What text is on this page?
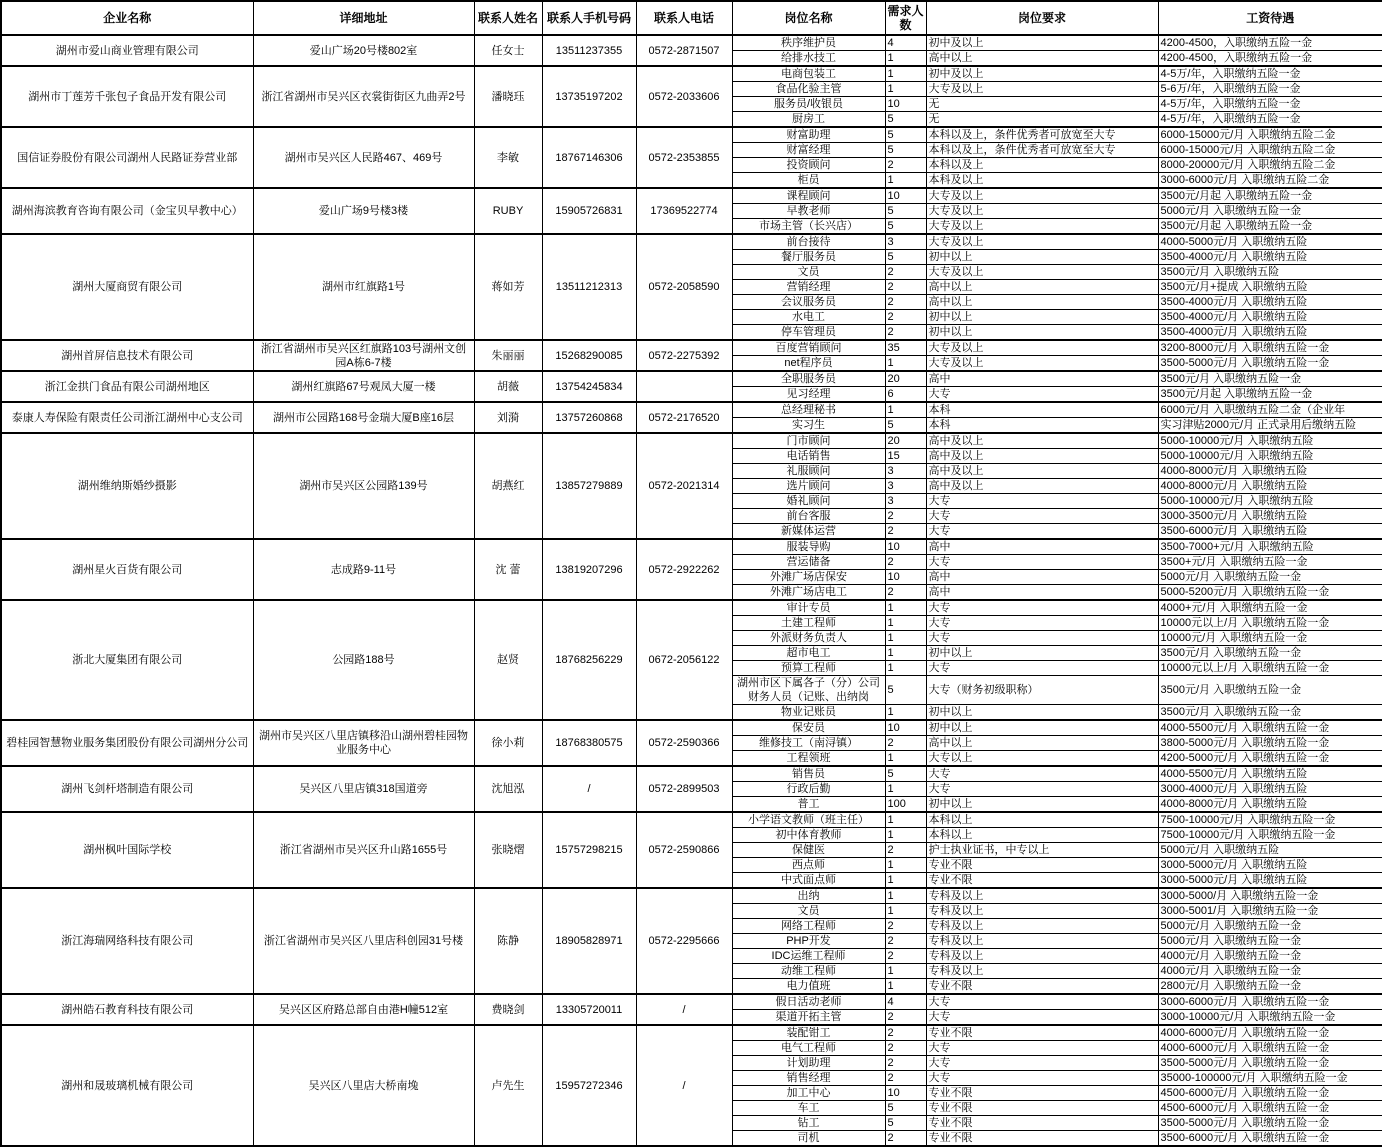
企业名称	详细地址	联系人姓名	联系人手机号码	联系人电话	岗位名称	需求人数	岗位要求	工资待遇
湖州市爱山商业管理有限公司	爱山广场20号楼802室	任女士	13511237355	0572-2871507	秩序维护员	4	初中及以上	4200-4500，入职缴纳五险一金
					给排水技工	1	高中以上	4200-4500，入职缴纳五险一金
湖州市丁莲芳千张包子食品开发有限公司	浙江省湖州市吴兴区衣裳街街区九曲弄2号	潘晓珏	13735197202	0572-2033606	电商包装工	1	初中及以上	4-5万/年，入职缴纳五险一金
					食品化验主管	1	大专及以上	5-6万/年，入职缴纳五险一金
					服务员/收银员	10	无	4-5万/年，入职缴纳五险一金
					厨房工	5	无	4-5万/年，入职缴纳五险一金
国信证券股份有限公司湖州人民路证券营业部	湖州市吴兴区人民路467、469号	李敏	18767146306	0572-2353855	财富助理	5	本科以及上，条件优秀者可放宽至大专	6000-15000元/月 入职缴纳五险二金
					财富经理	5	本科以及上，条件优秀者可放宽至大专	6000-15000元/月 入职缴纳五险二金
					投资顾问	2	本科以及上	8000-20000元/月 入职缴纳五险二金
					柜员	1	本科及以上	3000-6000元/月 入职缴纳五险二金
湖州海滨教育咨询有限公司（金宝贝早教中心）	爱山广场9号楼3楼	RUBY	15905726831	17369522774	课程顾问	10	大专及以上	3500元/月起 入职缴纳五险一金
					早教老师	5	大专及以上	5000元/月 入职缴纳五险一金
					市场主管（长兴店）	5	大专及以上	3500元/月起 入职缴纳五险一金
湖州大厦商贸有限公司	湖州市红旗路1号	蒋如芳	13511212313	0572-2058590	前台接待	3	大专及以上	4000-5000元/月 入职缴纳五险
					餐厅服务员	5	初中以上	3500-4000元/月 入职缴纳五险
					文员	2	大专及以上	3500元/月 入职缴纳五险
					营销经理	2	高中以上	3500元/月+提成 入职缴纳五险
					会议服务员	2	高中以上	3500-4000元/月 入职缴纳五险
					水电工	2	初中以上	3500-4000元/月 入职缴纳五险
					停车管理员	2	初中以上	3500-4000元/月 入职缴纳五险
湖州首屏信息技术有限公司	浙江省湖州市吴兴区红旗路103号湖州文创园A栋6-7楼	朱丽丽	15268290085	0572-2275392	百度营销顾问	35	大专及以上	3200-8000元/月 入职缴纳五险一金
					net程序员	1	大专及以上	3500-5000元/月 入职缴纳五险一金
浙江金拱门食品有限公司湖州地区	湖州红旗路67号观凤大厦一楼	胡薇	13754245834		全职服务员	20	高中	3500元/月 入职缴纳五险一金
					见习经理	6	大专	3500元/月起 入职缴纳五险一金
泰康人寿保险有限责任公司浙江湖州中心支公司	湖州市公园路168号金瑞大厦B座16层	刘漪	13757260868	0572-2176520	总经理秘书	1	本科	6000元/月 入职缴纳五险二金（企业年
					实习生	5	本科	实习津贴2000元/月 正式录用后缴纳五险
湖州维纳斯婚纱摄影	湖州市吴兴区公园路139号	胡燕红	13857279889	0572-2021314	门市顾问	20	高中及以上	5000-10000元/月 入职缴纳五险
					电话销售	15	高中及以上	5000-10000元/月 入职缴纳五险
					礼服顾问	3	高中及以上	4000-8000元/月 入职缴纳五险
					选片顾问	3	高中及以上	4000-8000元/月 入职缴纳五险
					婚礼顾问	3	大专	5000-10000元/月 入职缴纳五险
					前台客服	2	大专	3000-3500元/月 入职缴纳五险
					新媒体运营	2	大专	3500-6000元/月 入职缴纳五险
湖州星火百货有限公司	志成路9-11号	沈 蕾	13819207296	0572-2922262	服装导购	10	高中	3500-7000+元/月 入职缴纳五险
					营运储备	2	大专	3500+元/月 入职缴纳五险一金
					外滩广场店保安	10	高中	5000元/月 入职缴纳五险一金
					外滩广场店电工	2	高中	5000-5200元/月 入职缴纳五险一金
浙北大厦集团有限公司	公园路188号	赵贤	18768256229	0672-2056122	审计专员	1	大专	4000+元/月 入职缴纳五险一金
					土建工程师	1	大专	10000元以上/月 入职缴纳五险一金
					外派财务负责人	1	大专	10000元/月 入职缴纳五险一金
					超市电工	1	初中以上	3500元/月 入职缴纳五险一金
					预算工程师	1	大专	10000元以上/月 入职缴纳五险一金
					湖州市区下属各子（分）公司财务人员（记账、出纳岗	5	大专（财务初级职称）	3500元/月 入职缴纳五险一金
					物业记账员	1	初中以上	3500元/月 入职缴纳五险一金
碧桂园智慧物业服务集团股份有限公司湖州分公司	湖州市吴兴区八里店镇移沿山湖州碧桂园物业服务中心	徐小莉	18768380575	0572-2590366	保安员	10	初中以上	4000-5500元/月 入职缴纳五险一金
					维修技工（南浔镇）	2	高中以上	3800-5000元/月 入职缴纳五险一金
					工程领班	1	大专以上	4200-5000元/月 入职缴纳五险一金
湖州飞剑杆塔制造有限公司	吴兴区八里店镇318国道旁	沈旭泓	/	0572-2899503	销售员	5	大专	4000-5500元/月 入职缴纳五险
					行政后勤	1	大专	3000-4000元/月 入职缴纳五险
					普工	100	初中以上	4000-8000元/月 入职缴纳五险
湖州枫叶国际学校	浙江省湖州市吴兴区升山路1655号	张晓熠	15757298215	0572-2590866	小学语文教师（班主任）	1	本科以上	7500-10000元/月 入职缴纳五险一金
					初中体育教师	1	本科以上	7500-10000元/月 入职缴纳五险一金
					保健医	2	护士执业证书，中专以上	5000元/月 入职缴纳五险
					西点师	1	专业不限	3000-5000元/月 入职缴纳五险
					中式面点师	1	专业不限	3000-5000元/月 入职缴纳五险
浙江海瑞网络科技有限公司	浙江省湖州市吴兴区八里店科创园31号楼	陈静	18905828971	0572-2295666	出纳	1	专科及以上	3000-5000/月 入职缴纳五险一金
					文员	1	专科及以上	3000-5001/月 入职缴纳五险一金
					网络工程师	2	专科及以上	5000元/月 入职缴纳五险一金
					PHP开发	2	专科及以上	5000元/月 入职缴纳五险一金
					IDC运维工程师	2	专科及以上	4000元/月 入职缴纳五险一金
					动维工程师	1	专科及以上	4000元/月 入职缴纳五险一金
					电力值班	1	专业不限	2800元/月 入职缴纳五险一金
湖州皓石教育科技有限公司	吴兴区区府路总部自由港H幢512室	费晓剑	13305720011	/	假日活动老师	4	大专	3000-6000元/月 入职缴纳五险一金
					渠道开拓主管	2	大专	3000-10000元/月 入职缴纳五险一金
湖州和晟玻璃机械有限公司	吴兴区八里店大桥南堍	卢先生	15957272346	/	装配钳工	2	专业不限	4000-6000元/月 入职缴纳五险一金
					电气工程师	2	大专	4000-6000元/月 入职缴纳五险一金
					计划助理	2	大专	3500-5000元/月 入职缴纳五险一金
					销售经理	2	大专	35000-100000元/月 入职缴纳五险一金
					加工中心	10	专业不限	4500-6000元/月 入职缴纳五险一金
					车工	5	专业不限	4500-6000元/月 入职缴纳五险一金
					钻工	5	专业不限	3500-5000元/月 入职缴纳五险一金
					司机	2	专业不限	3500-6000元/月 入职缴纳五险一金
